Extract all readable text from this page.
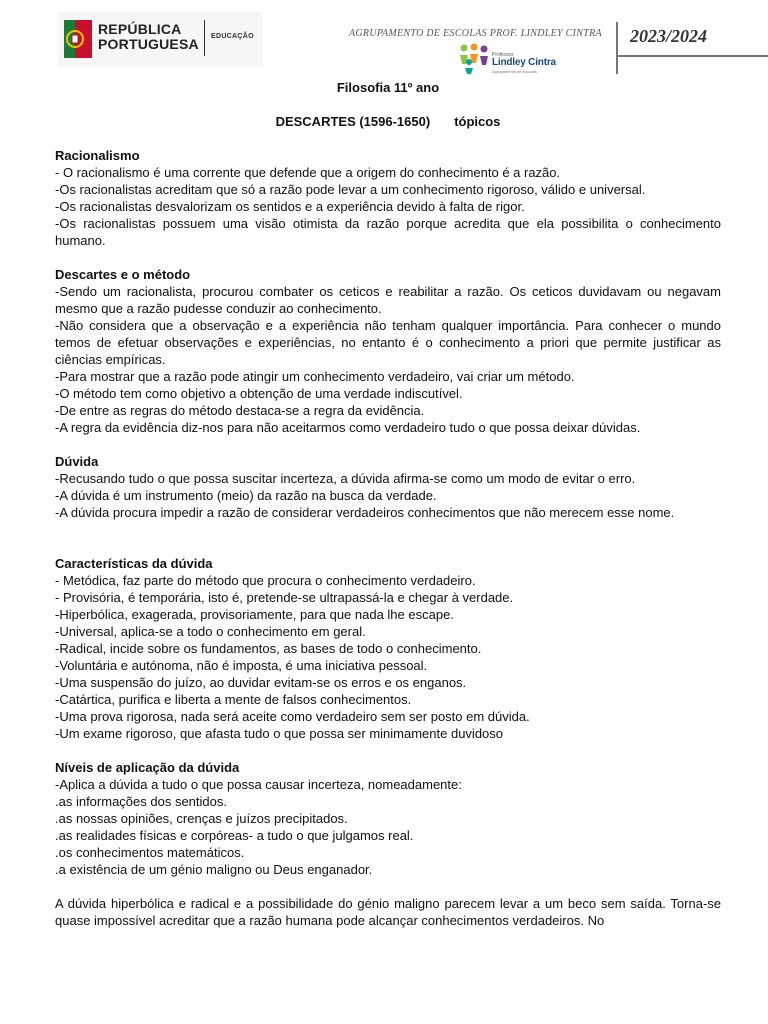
REPÚBLICA
PORTUGUESA EDUCAÇÃO	AGRUPAMENTO DE ESCOLAS PROF. LINDLEY CINTRA
Professor
Lindley Cintra
Agrupamento de Escolas
2023/2024

Filosofia 11º ano

DESCARTES (1596-1650) tópicos

Racionalismo

- O racionalismo é uma corrente que defende que a origem do conhecimento é a razão.

-Os racionalistas acreditam que só a razão pode levar a um conhecimento rigoroso, válido e universal.

-Os racionalistas desvalorizam os sentidos e a experiência devido à falta de rigor.

-Os racionalistas possuem uma visão otimista da razão porque acredita que ela possibilita o conhecimento humano.

Descartes e o método

-Sendo um racionalista, procurou combater os ceticos e reabilitar a razão. Os ceticos duvidavam ou negavam mesmo que a razão pudesse conduzir ao conhecimento.

-Não considera que a observação e a experiência não tenham qualquer importância. Para conhecer o mundo temos de efetuar observações e experiências, no entanto é o conhecimento a priori que permite justificar as ciências empíricas.

-Para mostrar que a razão pode atingir um conhecimento verdadeiro, vai criar um método.

-O método tem como objetivo a obtenção de uma verdade indiscutível.

-De entre as regras do método destaca-se a regra da evidência.

-A regra da evidência diz-nos para não aceitarmos como verdadeiro tudo o que possa deixar dúvidas.

Dúvida

-Recusando tudo o que possa suscitar incerteza, a dúvida afirma-se como um modo de evitar o erro.

-A dúvida é um instrumento (meio) da razão na busca da verdade.

-A dúvida procura impedir a razão de considerar verdadeiros conhecimentos que não merecem esse nome.

Características da dúvida

- Metódica, faz parte do método que procura o conhecimento verdadeiro.

- Provisória, é temporária, isto é, pretende-se ultrapassá-la e chegar à verdade.

-Hiperbólica, exagerada, provisoriamente, para que nada lhe escape.

-Universal, aplica-se a todo o conhecimento em geral.

-Radical, incide sobre os fundamentos, as bases de todo o conhecimento.

-Voluntária e autónoma, não é imposta, é uma iniciativa pessoal.

-Uma suspensão do juízo, ao duvidar evitam-se os erros e os enganos.

-Catártica, purifica e liberta a mente de falsos conhecimentos.

-Uma prova rigorosa, nada será aceite como verdadeiro sem ser posto em dúvida.

-Um exame rigoroso, que afasta tudo o que possa ser minimamente duvidoso

Níveis de aplicação da dúvida

-Aplica a dúvida a tudo o que possa causar incerteza, nomeadamente:

.as informações dos sentidos.

.as nossas opiniões, crenças e juízos precipitados.

.as realidades físicas e corpóreas- a tudo o que julgamos real.

.os conhecimentos matemáticos.

.a existência de um génio maligno ou Deus enganador.

A dúvida hiperbólica e radical e a possibilidade do génio maligno parecem levar a um beco sem saída. Torna-se quase impossível acreditar que a razão humana pode alcançar conhecimentos verdadeiros. No
